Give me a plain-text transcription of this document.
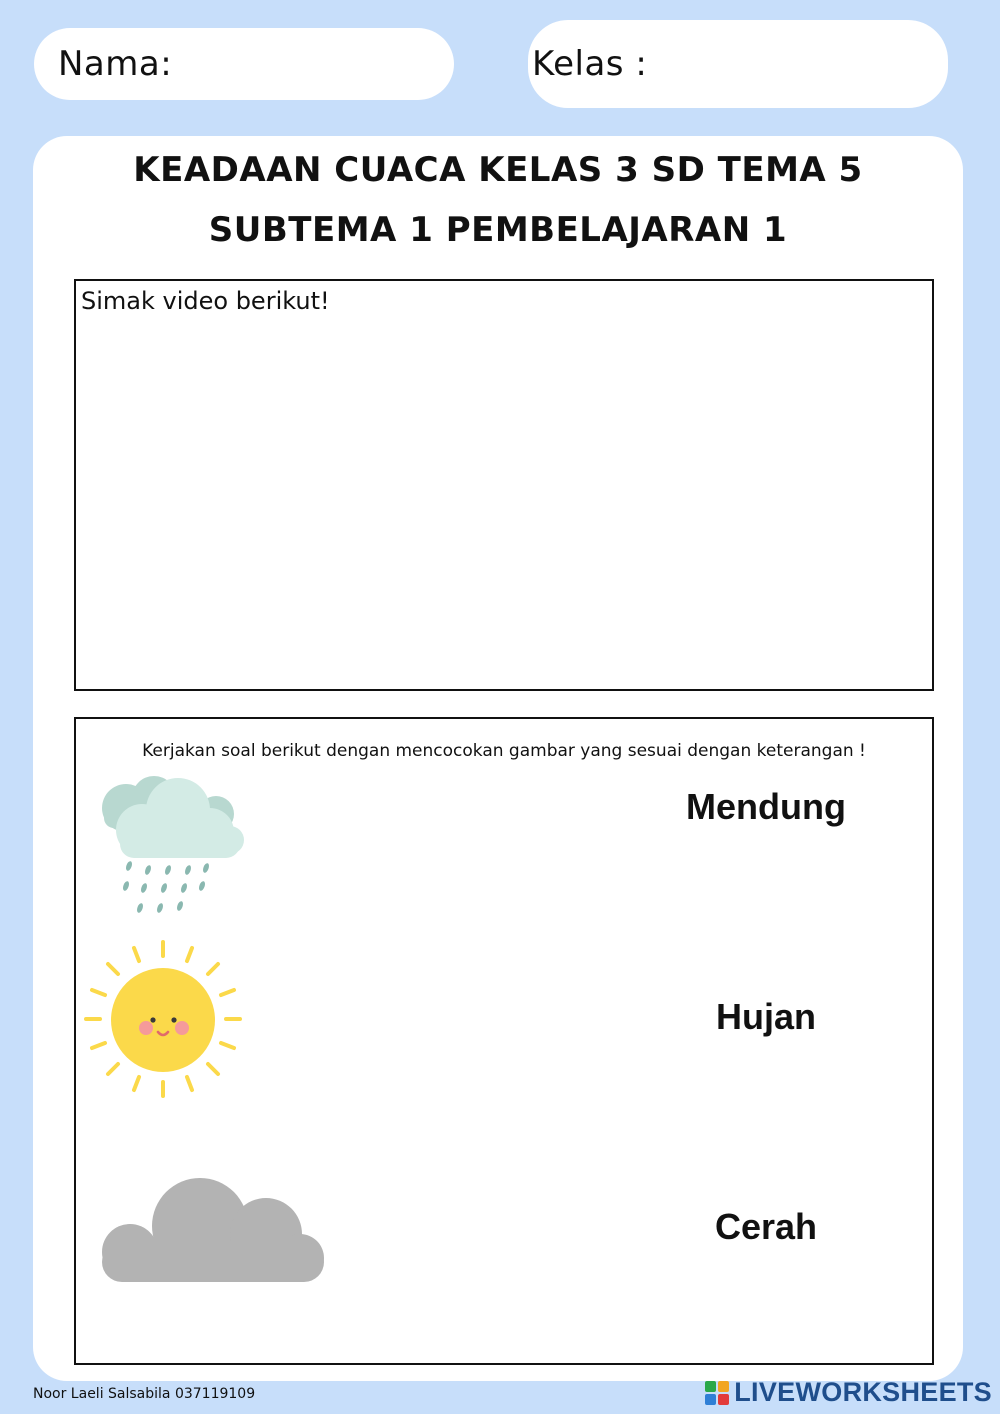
Nama:	Kelas :
KEADAAN CUACA KELAS 3 SD TEMA 5
SUBTEMA 1 PEMBELAJARAN 1
Simak video berikut!
Kerjakan soal berikut dengan mencocokan gambar yang sesuai dengan keterangan !
Mendung
Hujan
Cerah
Noor Laeli Salsabila 037119109	LIVEWORKSHEETS
